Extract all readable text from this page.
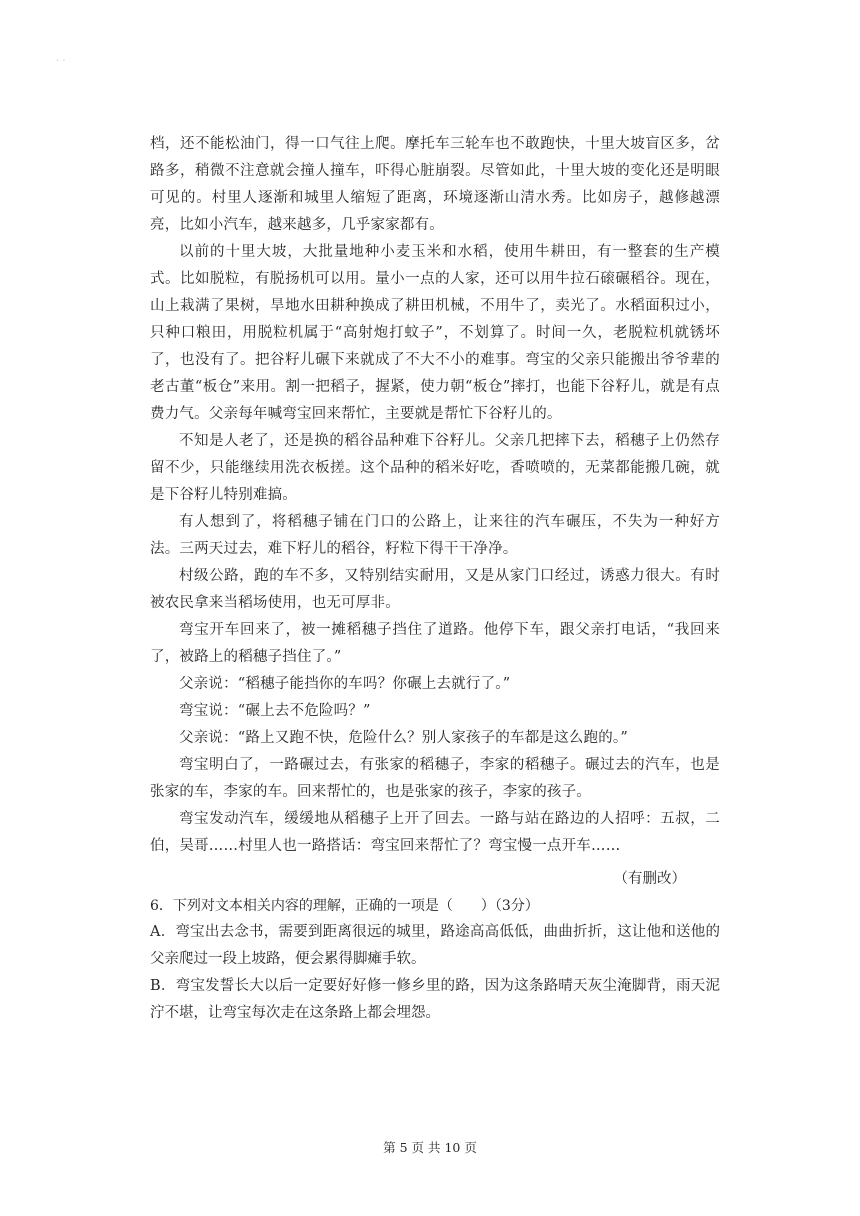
· ·

档，还不能松油门，得一口气往上爬。摩托车三轮车也不敢跑快，十里大坡盲区多，岔路多，稍微不注意就会撞人撞车，吓得心脏崩裂。尽管如此，十里大坡的变化还是明眼可见的。村里人逐渐和城里人缩短了距离，环境逐渐山清水秀。比如房子，越修越漂亮，比如小汽车，越来越多，几乎家家都有。

以前的十里大坡，大批量地种小麦玉米和水稻，使用牛耕田，有一整套的生产模式。比如脱粒，有脱扬机可以用。量小一点的人家，还可以用牛拉石磙碾稻谷。现在，山上栽满了果树，旱地水田耕种换成了耕田机械，不用牛了，卖光了。水稻面积过小，只种口粮田，用脱粒机属于“高射炮打蚊子”，不划算了。时间一久，老脱粒机就锈坏了，也没有了。把谷籽儿碾下来就成了不大不小的难事。弯宝的父亲只能搬出爷爷辈的老古董“板仓”来用。割一把稻子，握紧，使力朝“板仓”摔打，也能下谷籽儿，就是有点费力气。父亲每年喊弯宝回来帮忙，主要就是帮忙下谷籽儿的。

不知是人老了，还是换的稻谷品种难下谷籽儿。父亲几把摔下去，稻穗子上仍然存留不少，只能继续用洗衣板搓。这个品种的稻米好吃，香喷喷的，无菜都能搬几碗，就是下谷籽儿特别难搞。

有人想到了，将稻穗子铺在门口的公路上，让来往的汽车碾压，不失为一种好方法。三两天过去，难下籽儿的稻谷，籽粒下得干干净净。

村级公路，跑的车不多，又特别结实耐用，又是从家门口经过，诱惑力很大。有时被农民拿来当稻场使用，也无可厚非。

弯宝开车回来了，被一摊稻穗子挡住了道路。他停下车，跟父亲打电话，“我回来了，被路上的稻穗子挡住了。”

父亲说：“稻穗子能挡你的车吗？你碾上去就行了。”

弯宝说：“碾上去不危险吗？”

父亲说：“路上又跑不快，危险什么？别人家孩子的车都是这么跑的。”

弯宝明白了，一路碾过去，有张家的稻穗子，李家的稻穗子。碾过去的汽车，也是张家的车，李家的车。回来帮忙的，也是张家的孩子，李家的孩子。

弯宝发动汽车，缓缓地从稻穗子上开了回去。一路与站在路边的人招呼：五叔，二伯，吴哥……村里人也一路搭话：弯宝回来帮忙了？弯宝慢一点开车……

（有删改）

6．下列对文本相关内容的理解，正确的一项是（　　）（3分）

A．弯宝出去念书，需要到距离很远的城里，路途高高低低，曲曲折折，这让他和送他的父亲爬过一段上坡路，便会累得脚瘫手软。

B．弯宝发誓长大以后一定要好好修一修乡里的路，因为这条路晴天灰尘淹脚背，雨天泥泞不堪，让弯宝每次走在这条路上都会埋怨。

第 5 页 共 10 页
